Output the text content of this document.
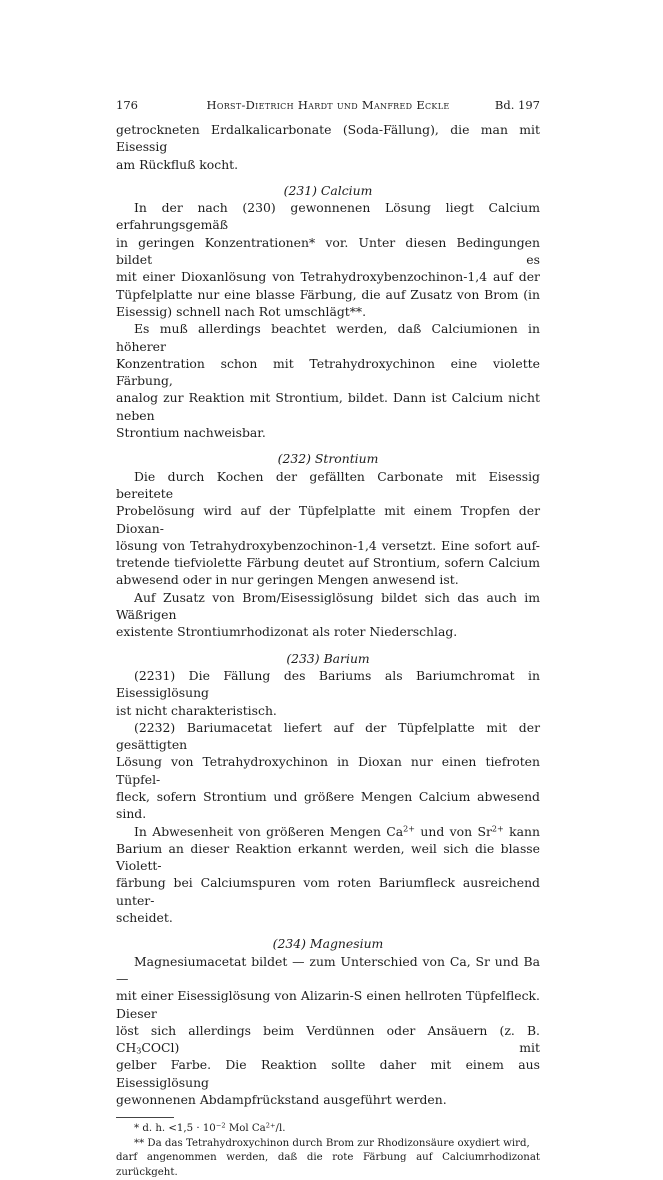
176	Horst-Dietrich Hardt und Manfred Eckle	Bd. 197

getrockneten Erdalkalicarbonate (Soda-Fällung), die man mit Eisessig

am Rückfluß kocht.

(231) Calcium

In der nach (230) gewonnenen Lösung liegt Calcium erfahrungsgemäß

in geringen Konzentrationen* vor. Unter diesen Bedingungen bildet es

mit einer Dioxanlösung von Tetrahydroxybenzochinon-1,4 auf der

Tüpfelplatte nur eine blasse Färbung, die auf Zusatz von Brom (in

Eisessig) schnell nach Rot umschlägt**.

Es muß allerdings beachtet werden, daß Calciumionen in höherer

Konzentration schon mit Tetrahydroxychinon eine violette Färbung,

analog zur Reaktion mit Strontium, bildet. Dann ist Calcium nicht neben

Strontium nachweisbar.

(232) Strontium

Die durch Kochen der gefällten Carbonate mit Eisessig bereitete

Probelösung wird auf der Tüpfelplatte mit einem Tropfen der Dioxan-

lösung von Tetrahydroxybenzochinon-1,4 versetzt. Eine sofort auf-

tretende tiefviolette Färbung deutet auf Strontium, sofern Calcium

abwesend oder in nur geringen Mengen anwesend ist.

Auf Zusatz von Brom/Eisessiglösung bildet sich das auch im Wäßrigen

existente Strontiumrhodizonat als roter Niederschlag.

(233) Barium

(2231) Die Fällung des Bariums als Bariumchromat in Eisessiglösung

ist nicht charakteristisch.

(2232) Bariumacetat liefert auf der Tüpfelplatte mit der gesättigten

Lösung von Tetrahydroxychinon in Dioxan nur einen tiefroten Tüpfel-

fleck, sofern Strontium und größere Mengen Calcium abwesend sind.

In Abwesenheit von größeren Mengen $Ca^{2+}$ und von $Sr^{2+}$ kann

Barium an dieser Reaktion erkannt werden, weil sich die blasse Violett-

färbung bei Calciumspuren vom roten Bariumfleck ausreichend unter-

scheidet.

(234) Magnesium

Magnesiumacetat bildet — zum Unterschied von Ca, Sr und Ba —

mit einer Eisessiglösung von Alizarin-S einen hellroten Tüpfelfleck. Dieser

löst sich allerdings beim Verdünnen oder Ansäuern (z. B. $CH_3COCl$) mit

gelber Farbe. Die Reaktion sollte daher mit einem aus Eisessiglösung

gewonnenen Abdampfrückstand ausgeführt werden.

* d. h. $<1,5 \cdot 10^{-2}$ Mol $Ca^{2+}/l$.

** Da das Tetrahydroxychinon durch Brom zur Rhodizonsäure oxydiert wird,
darf angenommen werden, daß die rote Färbung auf Calciumrhodizonat zurückgeht.
